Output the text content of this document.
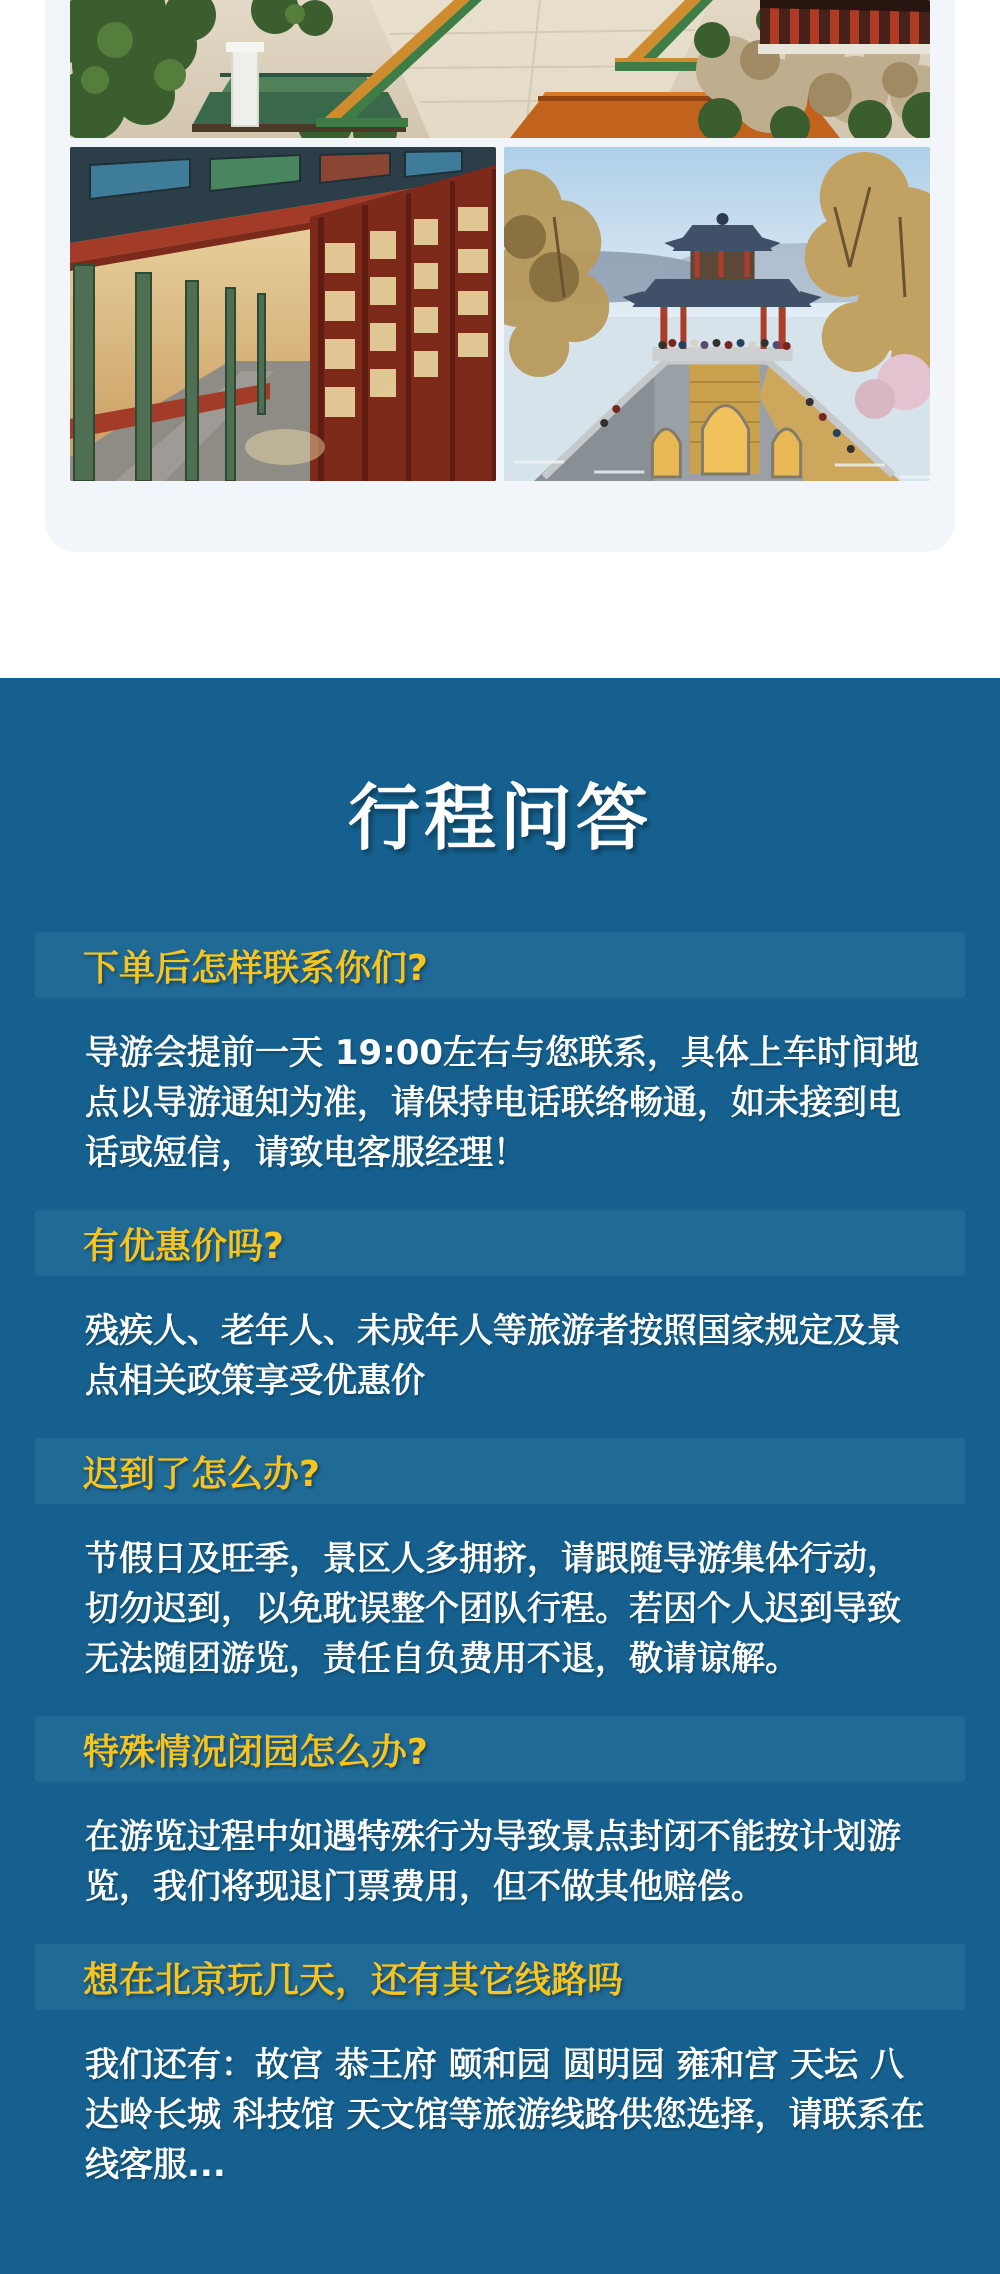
行程问答
下单后怎样联系你们?

导游会提前一天 19:00左右与您联系，具体上车时间地点以导游通知为准，请保持电话联络畅通，如未接到电话或短信，请致电客服经理！

有优惠价吗?

残疾人、老年人、未成年人等旅游者按照国家规定及景点相关政策享受优惠价

迟到了怎么办?

节假日及旺季，景区人多拥挤，请跟随导游集体行动，切勿迟到，以免耽误整个团队行程。若因个人迟到导致无法随团游览，责任自负费用不退，敬请谅解。

特殊情况闭园怎么办?

在游览过程中如遇特殊行为导致景点封闭不能按计划游览，我们将现退门票费用，但不做其他赔偿。

想在北京玩几天，还有其它线路吗

我们还有：故宫 恭王府 颐和园 圆明园 雍和宫 天坛 八达岭长城 科技馆 天文馆等旅游线路供您选择，请联系在线客服...
